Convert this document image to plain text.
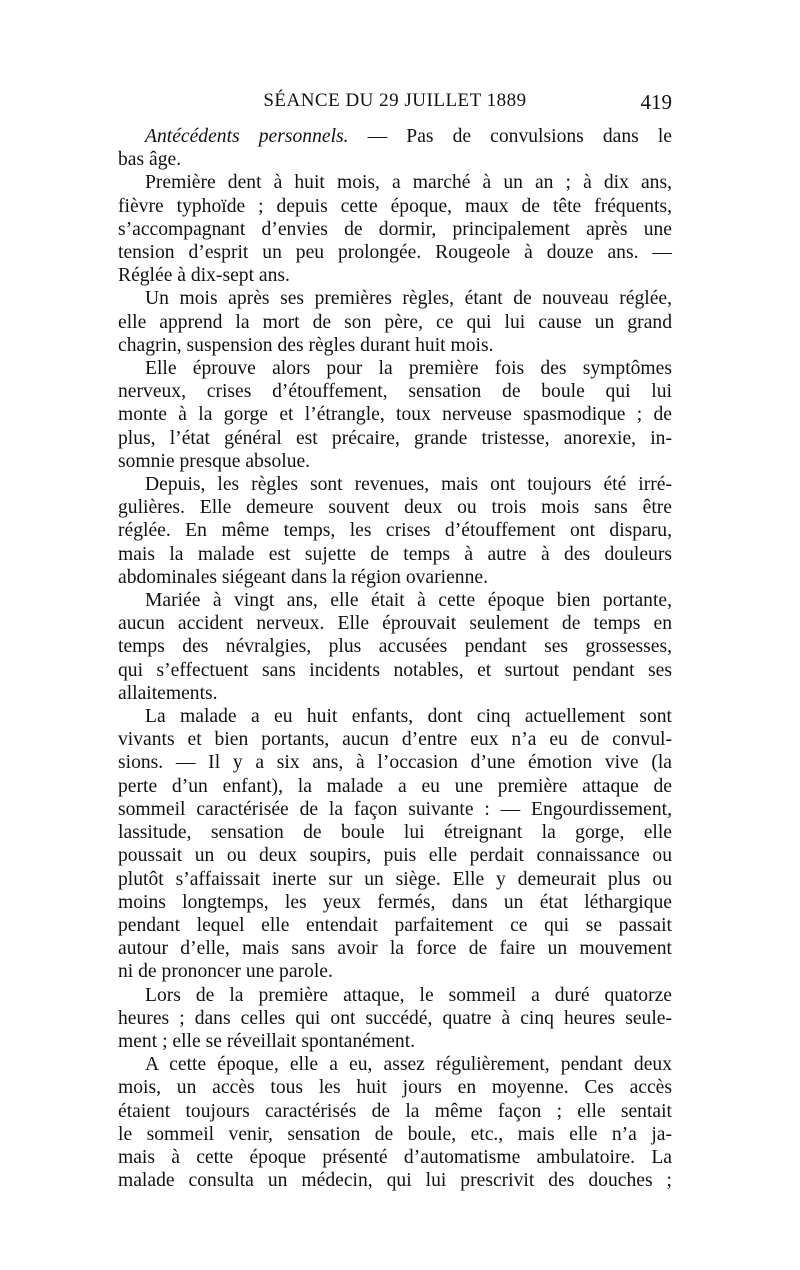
SÉANCE DU 29 JUILLET 1889	419
Antécédents personnels. — Pas de convulsions dans le
bas âge.
Première dent à huit mois, a marché à un an ; à dix ans,
fièvre typhoïde ; depuis cette époque, maux de tête fréquents,
s’accompagnant d’envies de dormir, principalement après une
tension d’esprit un peu prolongée. Rougeole à douze ans. —
Réglée à dix-sept ans.
Un mois après ses premières règles, étant de nouveau réglée,
elle apprend la mort de son père, ce qui lui cause un grand
chagrin, suspension des règles durant huit mois.
Elle éprouve alors pour la première fois des symptômes
nerveux, crises d’étouffement, sensation de boule qui lui
monte à la gorge et l’étrangle, toux nerveuse spasmodique ; de
plus, l’état général est précaire, grande tristesse, anorexie, in-
somnie presque absolue.
Depuis, les règles sont revenues, mais ont toujours été irré-
gulières. Elle demeure souvent deux ou trois mois sans être
réglée. En même temps, les crises d’étouffement ont disparu,
mais la malade est sujette de temps à autre à des douleurs
abdominales siégeant dans la région ovarienne.
Mariée à vingt ans, elle était à cette époque bien portante,
aucun accident nerveux. Elle éprouvait seulement de temps en
temps des névralgies, plus accusées pendant ses grossesses,
qui s’effectuent sans incidents notables, et surtout pendant ses
allaitements.
La malade a eu huit enfants, dont cinq actuellement sont
vivants et bien portants, aucun d’entre eux n’a eu de convul-
sions. — Il y a six ans, à l’occasion d’une émotion vive (la
perte d’un enfant), la malade a eu une première attaque de
sommeil caractérisée de la façon suivante : — Engourdissement,
lassitude, sensation de boule lui étreignant la gorge, elle
poussait un ou deux soupirs, puis elle perdait connaissance ou
plutôt s’affaissait inerte sur un siège. Elle y demeurait plus ou
moins longtemps, les yeux fermés, dans un état léthargique
pendant lequel elle entendait parfaitement ce qui se passait
autour d’elle, mais sans avoir la force de faire un mouvement
ni de prononcer une parole.
Lors de la première attaque, le sommeil a duré quatorze
heures ; dans celles qui ont succédé, quatre à cinq heures seule-
ment ; elle se réveillait spontanément.
A cette époque, elle a eu, assez régulièrement, pendant deux
mois, un accès tous les huit jours en moyenne. Ces accès
étaient toujours caractérisés de la même façon ; elle sentait
le sommeil venir, sensation de boule, etc., mais elle n’a ja-
mais à cette époque présenté d’automatisme ambulatoire. La
malade consulta un médecin, qui lui prescrivit des douches ;
